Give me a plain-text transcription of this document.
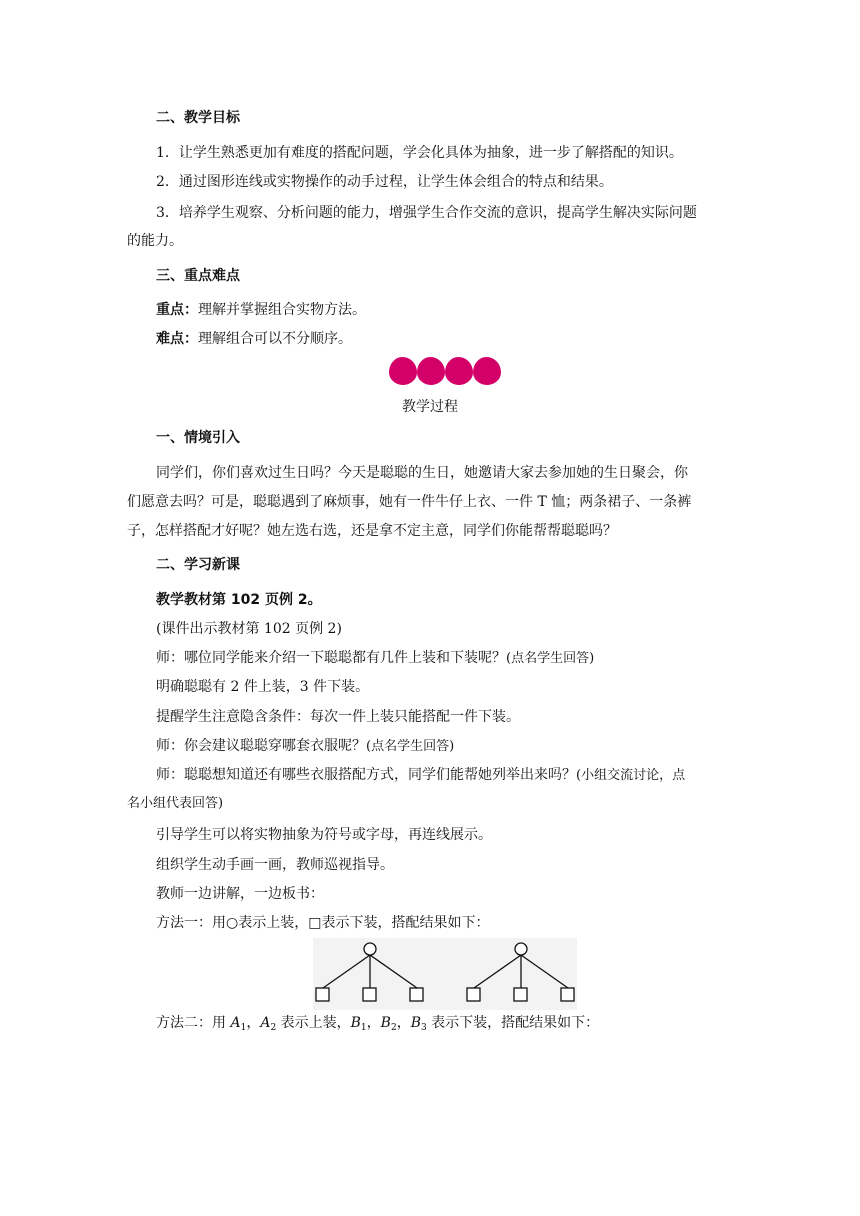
二、教学目标
1．让学生熟悉更加有难度的搭配问题，学会化具体为抽象，进一步了解搭配的知识。
2．通过图形连线或实物操作的动手过程，让学生体会组合的特点和结果。
3．培养学生观察、分析问题的能力，增强学生合作交流的意识，提高学生解决实际问题
的能力。
三、重点难点
重点：理解并掌握组合实物方法。
难点：理解组合可以不分顺序。
教学过程
一、情境引入
同学们，你们喜欢过生日吗？今天是聪聪的生日，她邀请大家去参加她的生日聚会，你
们愿意去吗？可是，聪聪遇到了麻烦事，她有一件牛仔上衣、一件 T 恤；两条裙子、一条裤
子，怎样搭配才好呢？她左选右选，还是拿不定主意，同学们你能帮帮聪聪吗？
二、学习新课
教学教材第 102 页例 2。
(课件出示教材第 102 页例 2)
师：哪位同学能来介绍一下聪聪都有几件上装和下装呢？(点名学生回答)
明确聪聪有 2 件上装，3 件下装。
提醒学生注意隐含条件：每次一件上装只能搭配一件下装。
师：你会建议聪聪穿哪套衣服呢？(点名学生回答)
师：聪聪想知道还有哪些衣服搭配方式，同学们能帮她列举出来吗？(小组交流讨论，点
名小组代表回答)
引导学生可以将实物抽象为符号或字母，再连线展示。
组织学生动手画一画，教师巡视指导。
教师一边讲解，一边板书：
方法一：用○表示上装，□表示下装，搭配结果如下：
方法二：用 $A_1$，$A_2$ 表示上装，$B_1$，$B_2$，$B_3$ 表示下装，搭配结果如下：
